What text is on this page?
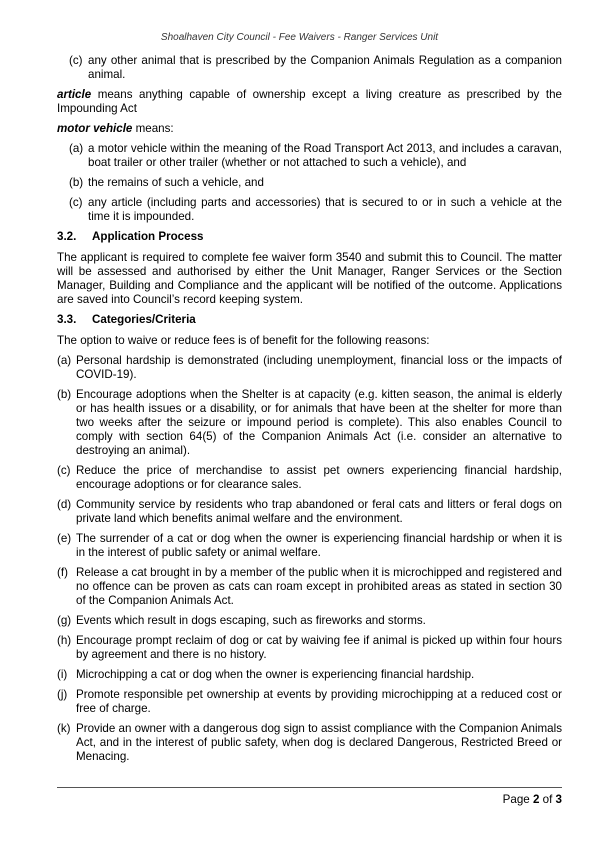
Shoalhaven City Council - Fee Waivers - Ranger Services Unit
(c) any other animal that is prescribed by the Companion Animals Regulation as a companion animal.
article means anything capable of ownership except a living creature as prescribed by the Impounding Act
motor vehicle means:
(a) a motor vehicle within the meaning of the Road Transport Act 2013, and includes a caravan, boat trailer or other trailer (whether or not attached to such a vehicle), and
(b) the remains of such a vehicle, and
(c) any article (including parts and accessories) that is secured to or in such a vehicle at the time it is impounded.
3.2.	Application Process
The applicant is required to complete fee waiver form 3540 and submit this to Council. The matter will be assessed and authorised by either the Unit Manager, Ranger Services or the Section Manager, Building and Compliance and the applicant will be notified of the outcome. Applications are saved into Council’s record keeping system.
3.3.	Categories/Criteria
The option to waive or reduce fees is of benefit for the following reasons:
(a) Personal hardship is demonstrated (including unemployment, financial loss or the impacts of COVID-19).
(b) Encourage adoptions when the Shelter is at capacity (e.g. kitten season, the animal is elderly or has health issues or a disability, or for animals that have been at the shelter for more than two weeks after the seizure or impound period is complete). This also enables Council to comply with section 64(5) of the Companion Animals Act (i.e. consider an alternative to destroying an animal).
(c) Reduce the price of merchandise to assist pet owners experiencing financial hardship, encourage adoptions or for clearance sales.
(d) Community service by residents who trap abandoned or feral cats and litters or feral dogs on private land which benefits animal welfare and the environment.
(e) The surrender of a cat or dog when the owner is experiencing financial hardship or when it is in the interest of public safety or animal welfare.
(f) Release a cat brought in by a member of the public when it is microchipped and registered and no offence can be proven as cats can roam except in prohibited areas as stated in section 30 of the Companion Animals Act.
(g) Events which result in dogs escaping, such as fireworks and storms.
(h) Encourage prompt reclaim of dog or cat by waiving fee if animal is picked up within four hours by agreement and there is no history.
(i) Microchipping a cat or dog when the owner is experiencing financial hardship.
(j) Promote responsible pet ownership at events by providing microchipping at a reduced cost or free of charge.
(k) Provide an owner with a dangerous dog sign to assist compliance with the Companion Animals Act, and in the interest of public safety, when dog is declared Dangerous, Restricted Breed or Menacing.
Page 2 of 3
